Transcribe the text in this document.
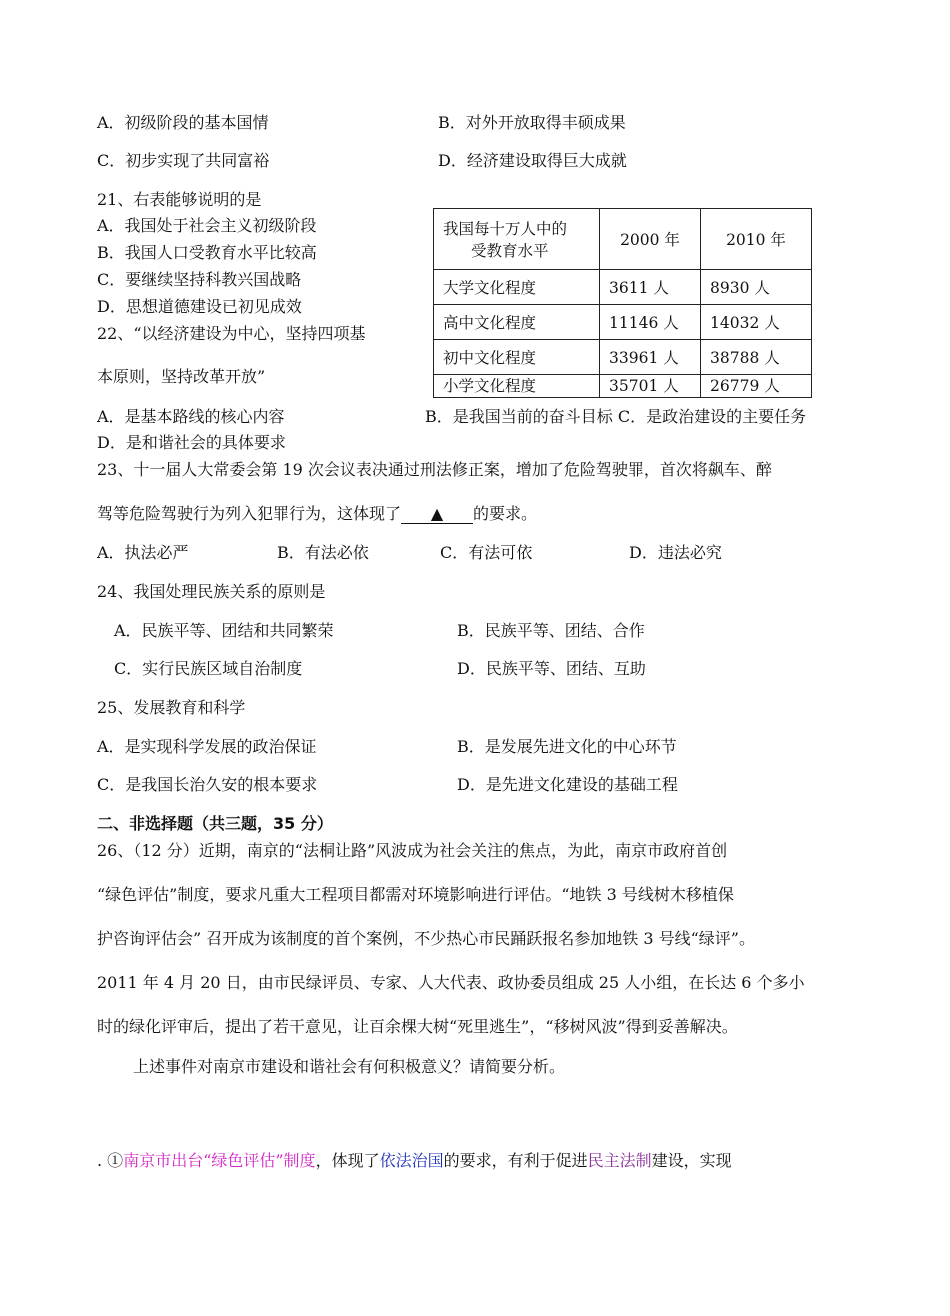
A．初级阶段的基本国情	B．对外开放取得丰硕成果
C．初步实现了共同富裕	D．经济建设取得巨大成就
21、右表能够说明的是
A．我国处于社会主义初级阶段
B．我国人口受教育水平比较高
C．要继续坚持科教兴国战略
D．思想道德建设已初见成效
我国每十万人中的
受教育水平	2000 年	2010 年
大学文化程度	3611 人	8930 人
高中文化程度	11146 人	14032 人
初中文化程度	33961 人	38788 人
小学文化程度	35701 人	26779 人
22、“以经济建设为中心，坚持四项基
本原则，坚持改革开放”
A．是基本路线的核心内容	B．是我国当前的奋斗目标 C．是政治建设的主要任务
D．是和谐社会的具体要求
23、十一届人大常委会第 19 次会议表决通过刑法修正案，增加了危险驾驶罪，首次将飙车、醉
驾等危险驾驶行为列入犯罪行为，这体现了 ▲ 的要求。
A．执法必严	B．有法必依	C．有法可依	D．违法必究
24、我国处理民族关系的原则是
A．民族平等、团结和共同繁荣	B．民族平等、团结、合作
C．实行民族区域自治制度	D．民族平等、团结、互助
25、发展教育和科学
A．是实现科学发展的政治保证	B．是发展先进文化的中心环节
C．是我国长治久安的根本要求	D．是先进文化建设的基础工程
二、非选择题（共三题，35 分）
26、（12 分）近期，南京的“法桐让路”风波成为社会关注的焦点，为此，南京市政府首创
“绿色评估”制度，要求凡重大工程项目都需对环境影响进行评估。“地铁 3 号线树木移植保
护咨询评估会” 召开成为该制度的首个案例，不少热心市民踊跃报名参加地铁 3 号线“绿评”。
2011 年 4 月 20 日，由市民绿评员、专家、人大代表、政协委员组成 25 人小组，在长达 6 个多小
时的绿化评审后，提出了若干意见，让百余棵大树“死里逃生”，“移树风波”得到妥善解决。
上述事件对南京市建设和谐社会有何积极意义？请简要分析。
. ①南京市出台“绿色评估”制度，体现了依法治国的要求，有利于促进民主法制建设，实现
